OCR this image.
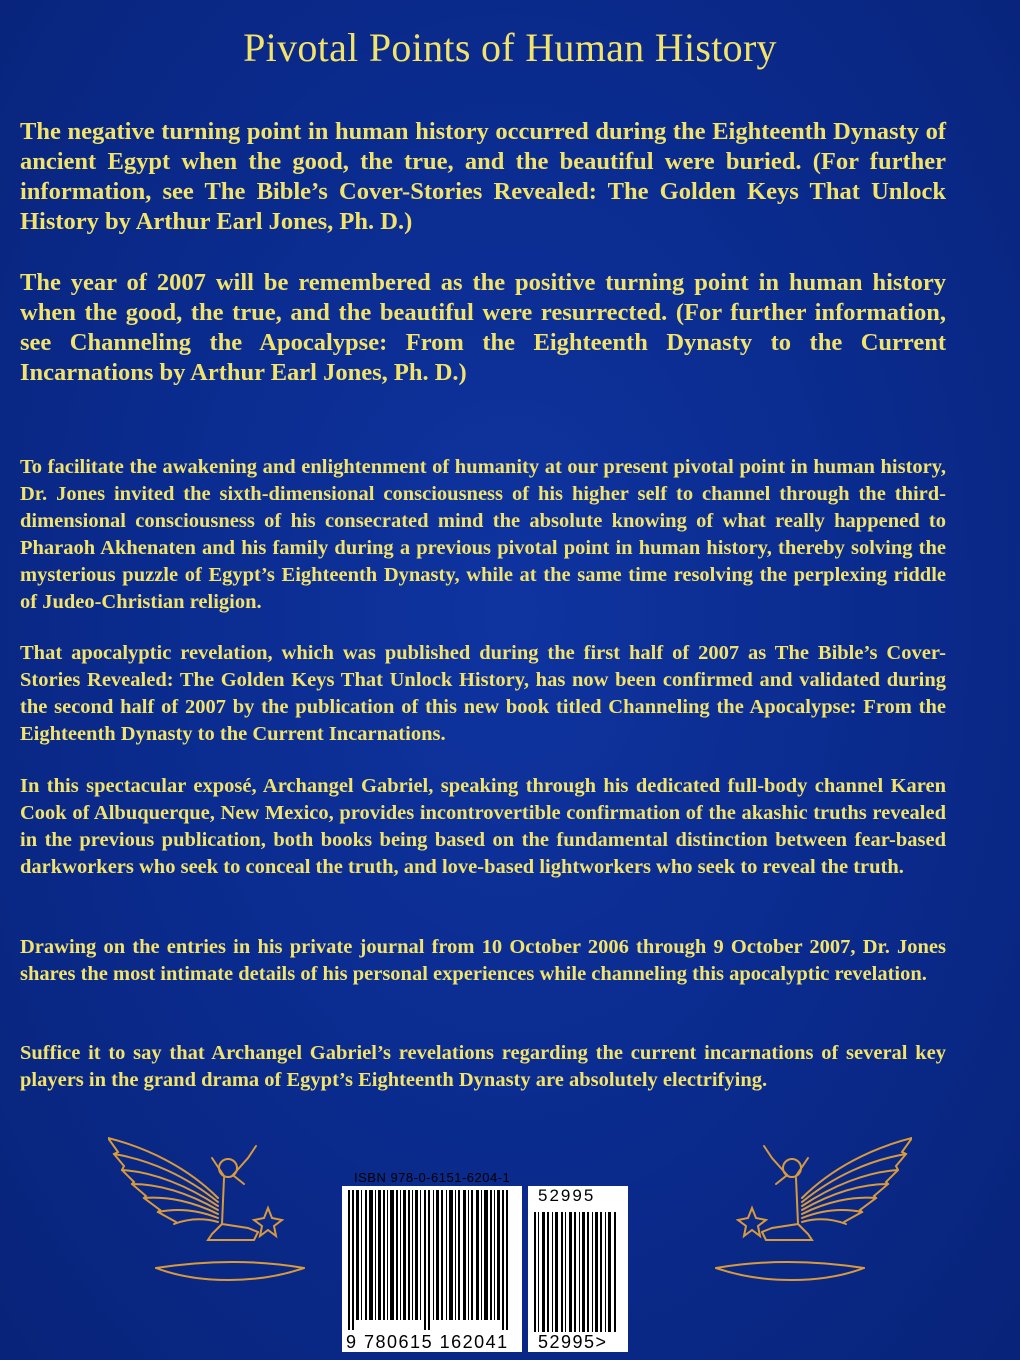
Pivotal Points of Human History

The negative turning point in human history occurred during the Eighteenth Dynasty of ancient Egypt when the good, the true, and the beautiful were buried. (For further information, see The Bible’s Cover-Stories Revealed: The Golden Keys That Unlock History by Arthur Earl Jones, Ph. D.)

The year of 2007 will be remembered as the positive turning point in human history when the good, the true, and the beautiful were resurrected. (For further information, see Channeling the Apocalypse: From the Eighteenth Dynasty to the Current Incarnations by Arthur Earl Jones, Ph. D.)

To facilitate the awakening and enlightenment of humanity at our present pivotal point in human history, Dr. Jones invited the sixth-dimensional consciousness of his higher self to channel through the third-dimensional consciousness of his consecrated mind the absolute knowing of what really happened to Pharaoh Akhenaten and his family during a previous pivotal point in human history, thereby solving the mysterious puzzle of Egypt’s Eighteenth Dynasty, while at the same time resolving the perplexing riddle of Judeo-Christian religion.

That apocalyptic revelation, which was published during the first half of 2007 as The Bible’s Cover-Stories Revealed: The Golden Keys That Unlock History, has now been confirmed and validated during the second half of 2007 by the publication of this new book titled Channeling the Apocalypse: From the Eighteenth Dynasty to the Current Incarnations.

In this spectacular exposé, Archangel Gabriel, speaking through his dedicated full-body channel Karen Cook of Albuquerque, New Mexico, provides incontrovertible confirmation of the akashic truths revealed in the previous publication, both books being based on the fundamental distinction between fear-based darkworkers who seek to conceal the truth, and love-based lightworkers who seek to reveal the truth.

Drawing on the entries in his private journal from 10 October 2006 through 9 October 2007, Dr. Jones shares the most intimate details of his personal experiences while channeling this apocalyptic revelation.

Suffice it to say that Archangel Gabriel’s revelations regarding the current incarnations of several key players in the grand drama of Egypt’s Eighteenth Dynasty are absolutely electrifying.

ISBN 978-0-6151-6204-1
9 780615 162041
52995
52995>
